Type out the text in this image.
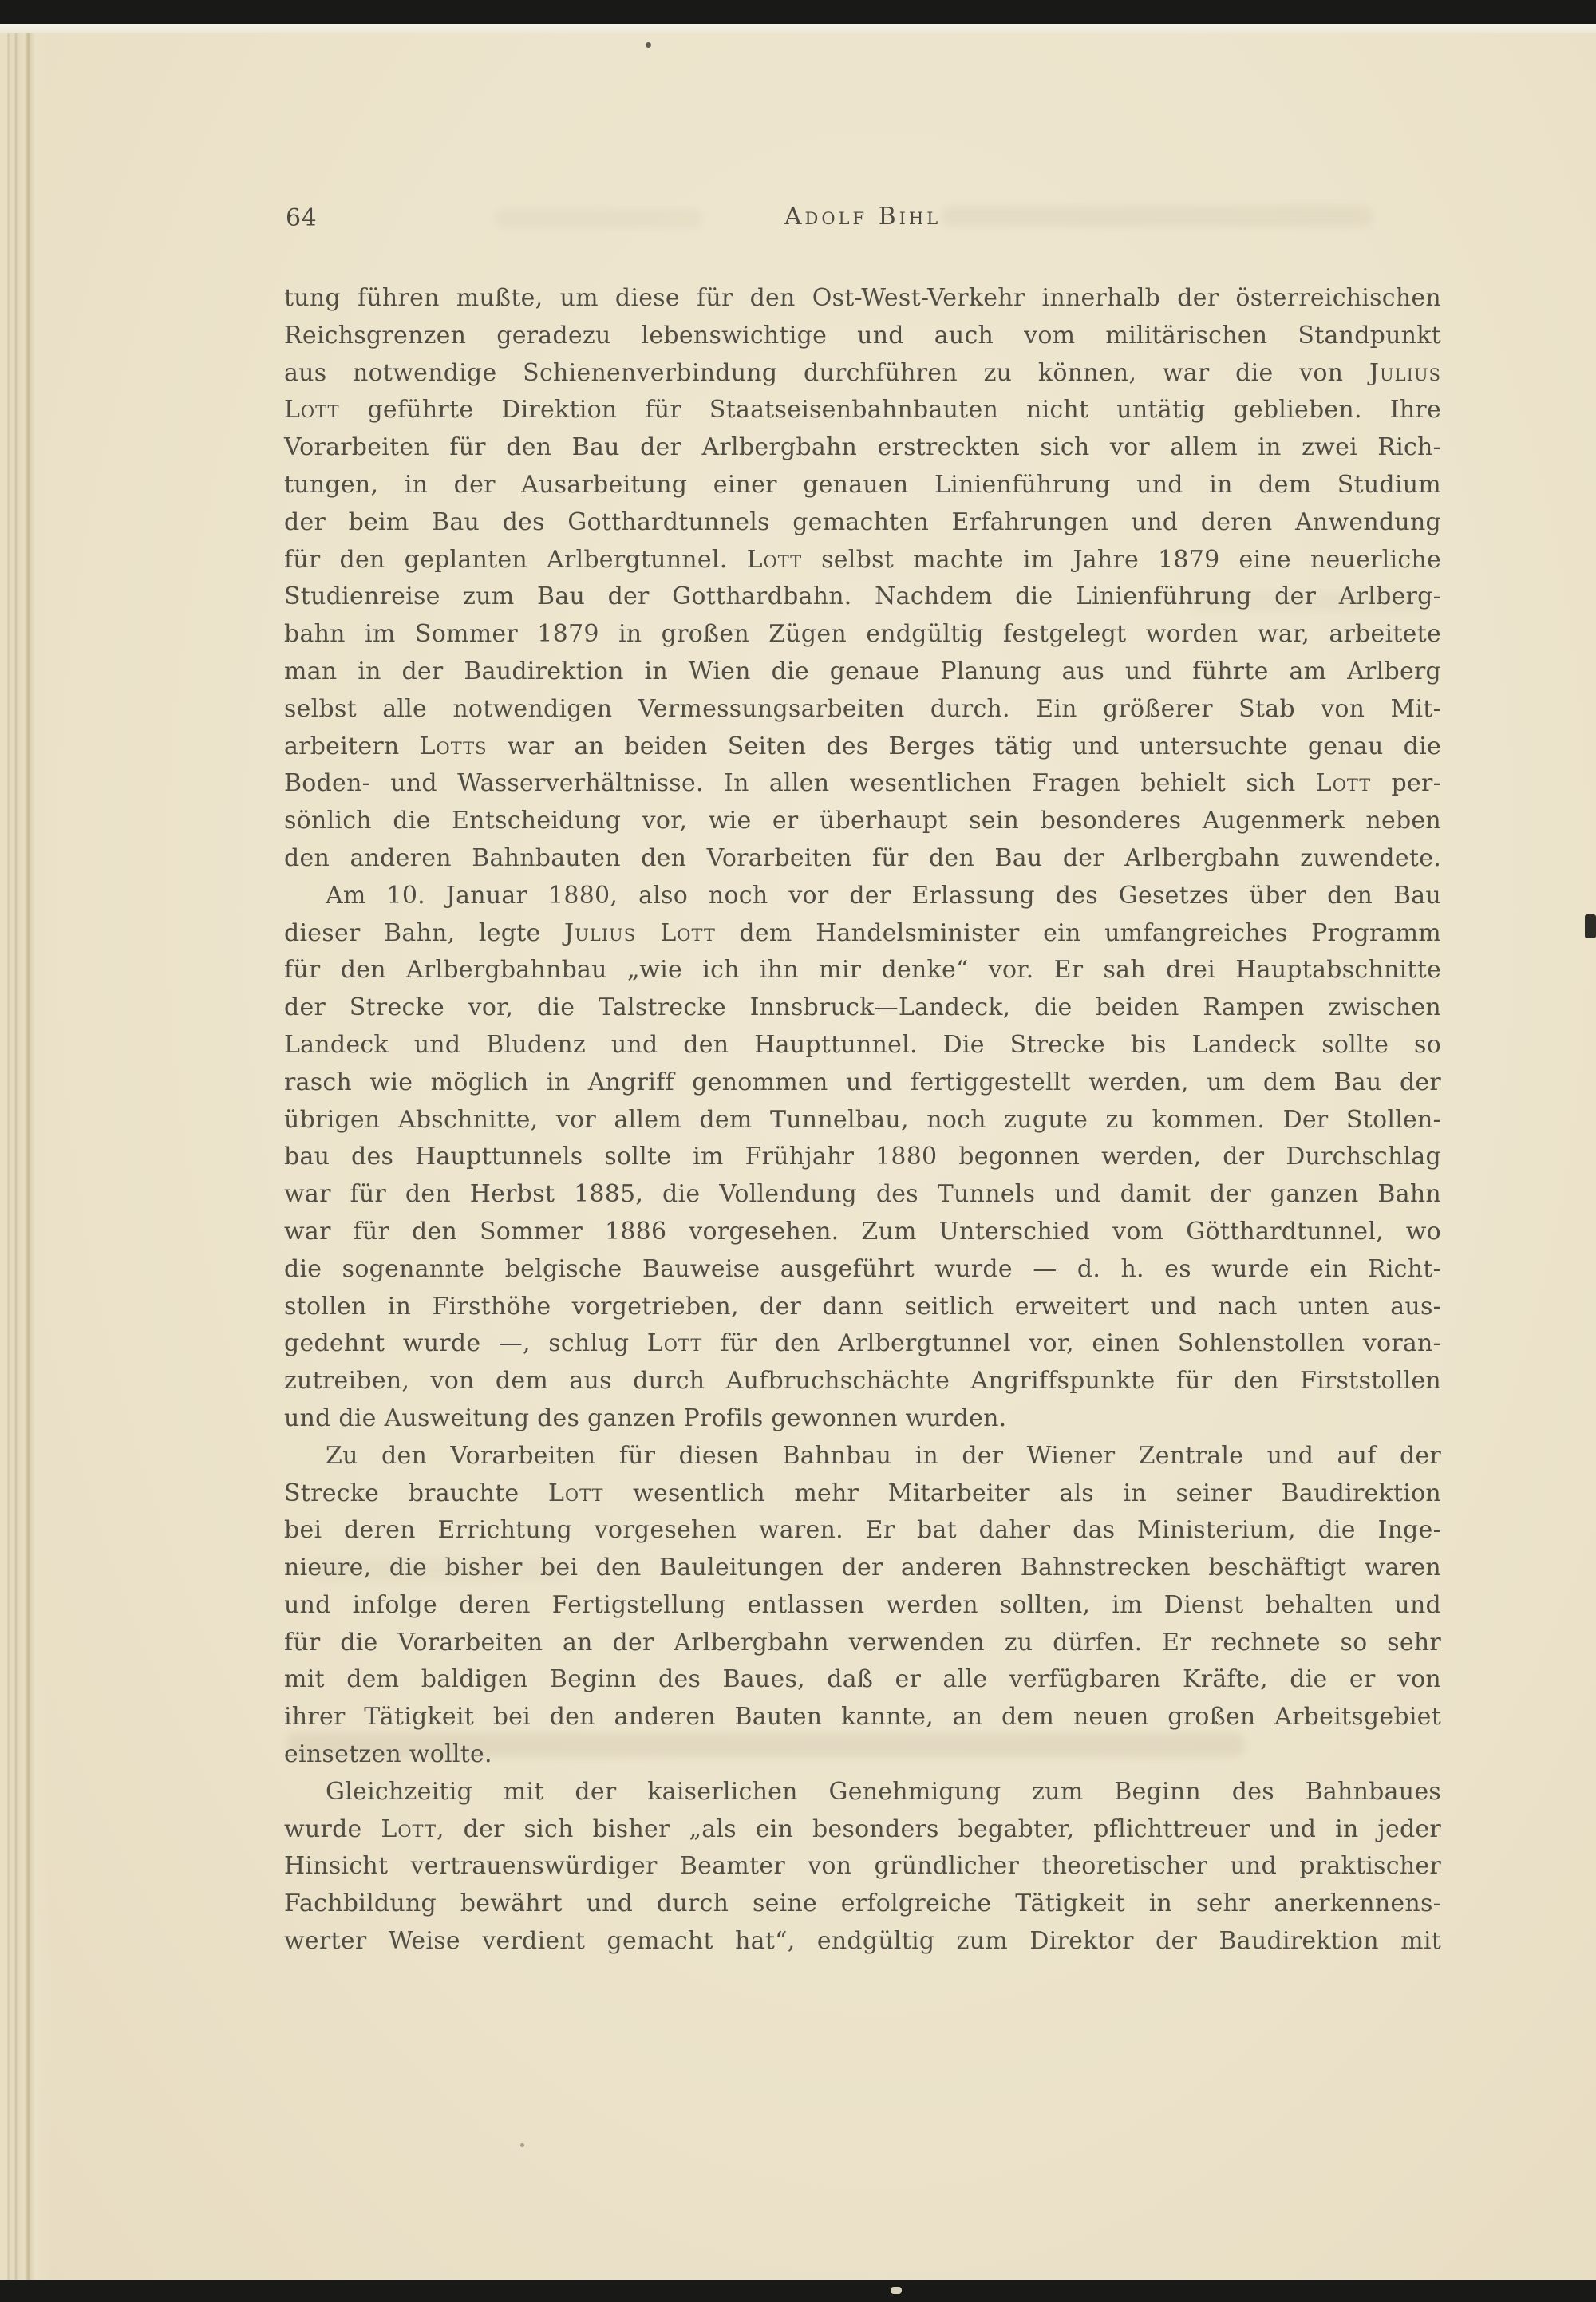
64	Adolf Bihl
tung führen mußte, um diese für den Ost-West-Verkehr innerhalb der österreichischen
Reichsgrenzen geradezu lebenswichtige und auch vom militärischen Standpunkt
aus notwendige Schienenverbindung durchführen zu können, war die von Julius
Lott geführte Direktion für Staatseisenbahnbauten nicht untätig geblieben. Ihre
Vorarbeiten für den Bau der Arlbergbahn erstreckten sich vor allem in zwei Rich-
tungen, in der Ausarbeitung einer genauen Linienführung und in dem Studium
der beim Bau des Gotthardtunnels gemachten Erfahrungen und deren Anwendung
für den geplanten Arlbergtunnel. Lott selbst machte im Jahre 1879 eine neuerliche
Studienreise zum Bau der Gotthardbahn. Nachdem die Linienführung der Arlberg-
bahn im Sommer 1879 in großen Zügen endgültig festgelegt worden war, arbeitete
man in der Baudirektion in Wien die genaue Planung aus und führte am Arlberg
selbst alle notwendigen Vermessungsarbeiten durch. Ein größerer Stab von Mit-
arbeitern Lotts war an beiden Seiten des Berges tätig und untersuchte genau die
Boden- und Wasserverhältnisse. In allen wesentlichen Fragen behielt sich Lott per-
sönlich die Entscheidung vor, wie er überhaupt sein besonderes Augenmerk neben
den anderen Bahnbauten den Vorarbeiten für den Bau der Arlbergbahn zuwendete.
Am 10. Januar 1880, also noch vor der Erlassung des Gesetzes über den Bau
dieser Bahn, legte Julius Lott dem Handelsminister ein umfangreiches Programm
für den Arlbergbahnbau „wie ich ihn mir denke“ vor. Er sah drei Hauptabschnitte
der Strecke vor, die Talstrecke Innsbruck—Landeck, die beiden Rampen zwischen
Landeck und Bludenz und den Haupttunnel. Die Strecke bis Landeck sollte so
rasch wie möglich in Angriff genommen und fertiggestellt werden, um dem Bau der
übrigen Abschnitte, vor allem dem Tunnelbau, noch zugute zu kommen. Der Stollen-
bau des Haupttunnels sollte im Frühjahr 1880 begonnen werden, der Durchschlag
war für den Herbst 1885, die Vollendung des Tunnels und damit der ganzen Bahn
war für den Sommer 1886 vorgesehen. Zum Unterschied vom Götthardtunnel, wo
die sogenannte belgische Bauweise ausgeführt wurde — d. h. es wurde ein Richt-
stollen in Firsthöhe vorgetrieben, der dann seitlich erweitert und nach unten aus-
gedehnt wurde —, schlug Lott für den Arlbergtunnel vor, einen Sohlenstollen voran-
zutreiben, von dem aus durch Aufbruchschächte Angriffspunkte für den Firststollen
und die Ausweitung des ganzen Profils gewonnen wurden.
Zu den Vorarbeiten für diesen Bahnbau in der Wiener Zentrale und auf der
Strecke brauchte Lott wesentlich mehr Mitarbeiter als in seiner Baudirektion
bei deren Errichtung vorgesehen waren. Er bat daher das Ministerium, die Inge-
nieure, die bisher bei den Bauleitungen der anderen Bahnstrecken beschäftigt waren
und infolge deren Fertigstellung entlassen werden sollten, im Dienst behalten und
für die Vorarbeiten an der Arlbergbahn verwenden zu dürfen. Er rechnete so sehr
mit dem baldigen Beginn des Baues, daß er alle verfügbaren Kräfte, die er von
ihrer Tätigkeit bei den anderen Bauten kannte, an dem neuen großen Arbeitsgebiet
einsetzen wollte.
Gleichzeitig mit der kaiserlichen Genehmigung zum Beginn des Bahnbaues
wurde Lott, der sich bisher „als ein besonders begabter, pflichttreuer und in jeder
Hinsicht vertrauenswürdiger Beamter von gründlicher theoretischer und praktischer
Fachbildung bewährt und durch seine erfolgreiche Tätigkeit in sehr anerkennens-
werter Weise verdient gemacht hat“, endgültig zum Direktor der Baudirektion mit
